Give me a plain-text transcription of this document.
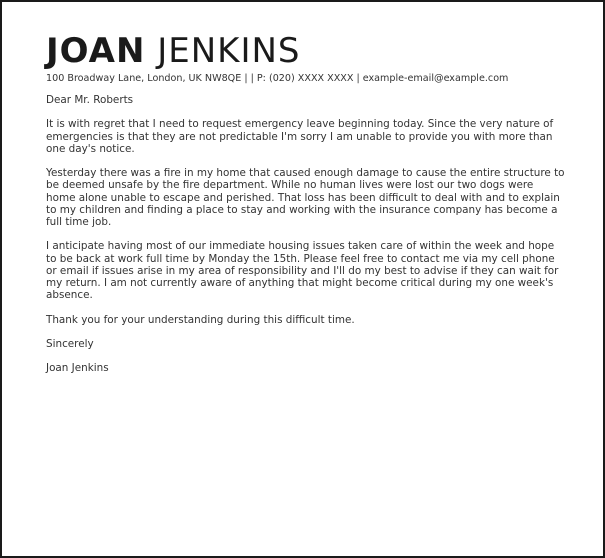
JOAN JENKINS
100 Broadway Lane, London, UK NW8QE | | P: (020) XXXX XXXX | example-email@example.com

Dear Mr. Roberts

It is with regret that I need to request emergency leave beginning today. Since the very nature of emergencies is that they are not predictable I'm sorry I am unable to provide you with more than one day's notice.

Yesterday there was a fire in my home that caused enough damage to cause the entire structure to be deemed unsafe by the fire department. While no human lives were lost our two dogs were home alone unable to escape and perished. That loss has been difficult to deal with and to explain to my children and finding a place to stay and working with the insurance company has become a full time job.

I anticipate having most of our immediate housing issues taken care of within the week and hope to be back at work full time by Monday the 15th. Please feel free to contact me via my cell phone or email if issues arise in my area of responsibility and I'll do my best to advise if they can wait for my return. I am not currently aware of anything that might become critical during my one week's absence.

Thank you for your understanding during this difficult time.

Sincerely

Joan Jenkins
